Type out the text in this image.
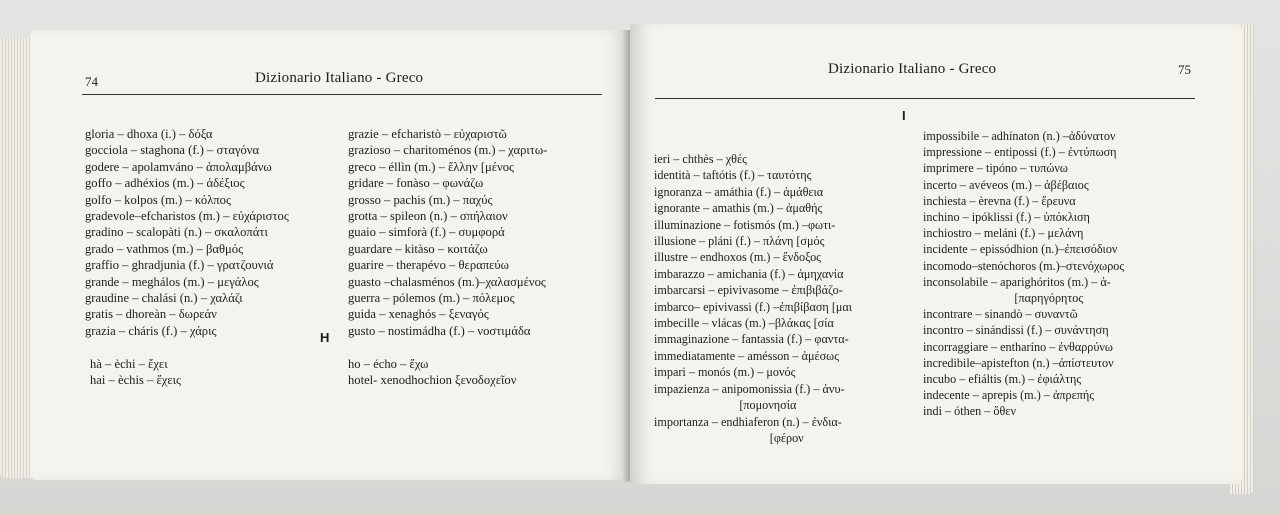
74	Dizionario Italiano - Greco
gloria – dhoxa (i.) – δόξα
gocciola – staghona (f.) – σταγόνα
godere – apolamváno – ἀπολαμβάνω
goffo – adhéxios (m.) – ἀδέξιος
golfo – kolpos (m.) – κόλπος
gradevole–efcharistos (m.) – εὐχάριστος
gradino – scalopàti (n.) – σκαλοπάτι
grado – vathmos (m.) – βαθμός
graffio – ghradjunia (f.) – γρατζουνιά
grande – meghálos (m.) – μεγάλος
graudine – chalási (n.) – χαλάζι
gratis – dhoreàn – δωρεάν
grazia – cháris (f.) – χάρις
grazie – efcharistò – εὐχαριστῶ
grazioso – charitoménos (m.) – χαριτω-
greco – éllìn (m.) – ἕλλην [μένος
gridare – fonàso – φωνάζω
grosso – pachis (m.) – παχύς
grotta – spileon (n.) – σπήλαιον
guaio – simforà (f.) – συμφορά
guardare – kitàso – κοιτάζω
guarire – therapévo – θεραπεύω
guasto –chalasménos (m.)–χαλασμένος
guerra – pólemos (m.) – πόλεμος
guida – xenaghós – ξεναγός
gusto – nostimádha (f.) – νοστιμάδα
H
hà – èchi – ἔχει
hai – èchis – ἔχεις
ho – écho – ἔχω
hotel- xenodhochion ξενοδοχεῖον
Dizionario Italiano - Greco	75
I
ieri – chthès – χθές
identità – taftótis (f.) – ταυτότης
ignoranza – amáthia (f.) – ἀμάθεια
ignorante – amathis (m.) – ἀμαθής
illuminazione – fotismós (m.) –φωτι-
illusione – pláni (f.) – πλάνη [σμός
illustre – endhoxos (m.) – ἔνδοξος
imbarazzo – amichania (f.) – ἀμηχανία
imbarcarsi – epivivasome – ἐπιβιβάζο-
imbarco– epivivassi (f.) –ἐπιβίβαση [μαι
imbecille – vlácas (m.) –βλάκας [σία
immaginazione – fantassia (f.) – φαντα-
immediatamente – amésson – ἀμέσως
impari – monós (m.) – μονός
impazienza – anipomonissia (f.) – ἀνυ-
[πομονησία
importanza – endhiaferon (n.) – ἐνδια-
[φέρον
impossibile – adhínaton (n.) –ἀδύνατον
impressione – entipossi (f.) – ἐντύπωση
imprimere – tipóno – τυπώνω
incerto – avéveos (m.) – ἀβέβαιος
inchiesta – èrevna (f.) – ἔρευνα
inchino – ipóklissi (f.) – ὑπόκλιση
inchiostro – meláni (f.) – μελάνη
incidente – epissódhion (n.)–ἐπεισόδιον
incomodo–stenóchoros (m.)–στενόχωρος
inconsolabile – aparighóritos (m.) – ἀ-
[παρηγόρητος
incontrare – sinandò – συναντῶ
incontro – sinándissi (f.) – συνάντηση
incorraggiare – entharíno – ἐνθαρρύνω
incredibile–apistefton (n.) –ἀπίστευτον
incubo – efiáltis (m.) – ἐφιάλτης
indecente – aprepis (m.) – ἀπρεπής
indi – óthen – ὅθεν
